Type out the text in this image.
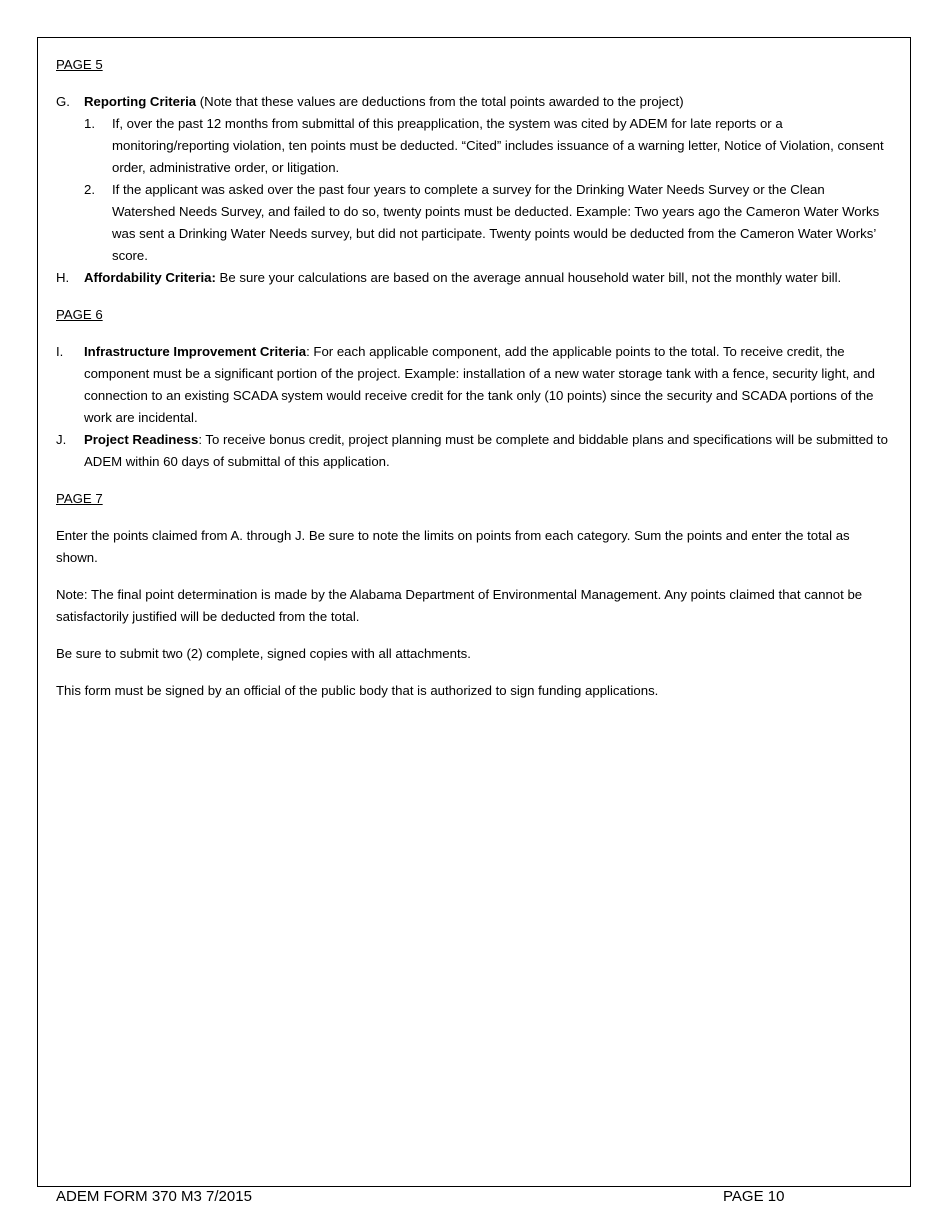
PAGE 5
G. Reporting Criteria (Note that these values are deductions from the total points awarded to the project)
1. If, over the past 12 months from submittal of this preapplication, the system was cited by ADEM for late reports or a monitoring/reporting violation, ten points must be deducted. “Cited” includes issuance of a warning letter, Notice of Violation, consent order, administrative order, or litigation.
2. If the applicant was asked over the past four years to complete a survey for the Drinking Water Needs Survey or the Clean Watershed Needs Survey, and failed to do so, twenty points must be deducted. Example: Two years ago the Cameron Water Works was sent a Drinking Water Needs survey, but did not participate. Twenty points would be deducted from the Cameron Water Works’ score.
H. Affordability Criteria: Be sure your calculations are based on the average annual household water bill, not the monthly water bill.
PAGE 6
I. Infrastructure Improvement Criteria: For each applicable component, add the applicable points to the total. To receive credit, the component must be a significant portion of the project. Example: installation of a new water storage tank with a fence, security light, and connection to an existing SCADA system would receive credit for the tank only (10 points) since the security and SCADA portions of the work are incidental.
J. Project Readiness: To receive bonus credit, project planning must be complete and biddable plans and specifications will be submitted to ADEM within 60 days of submittal of this application.
PAGE 7

Enter the points claimed from A. through J. Be sure to note the limits on points from each category. Sum the points and enter the total as shown.

Note: The final point determination is made by the Alabama Department of Environmental Management. Any points claimed that cannot be satisfactorily justified will be deducted from the total.

Be sure to submit two (2) complete, signed copies with all attachments.

This form must be signed by an official of the public body that is authorized to sign funding applications.

ADEM FORM 370 M3 7/2015	PAGE 10
